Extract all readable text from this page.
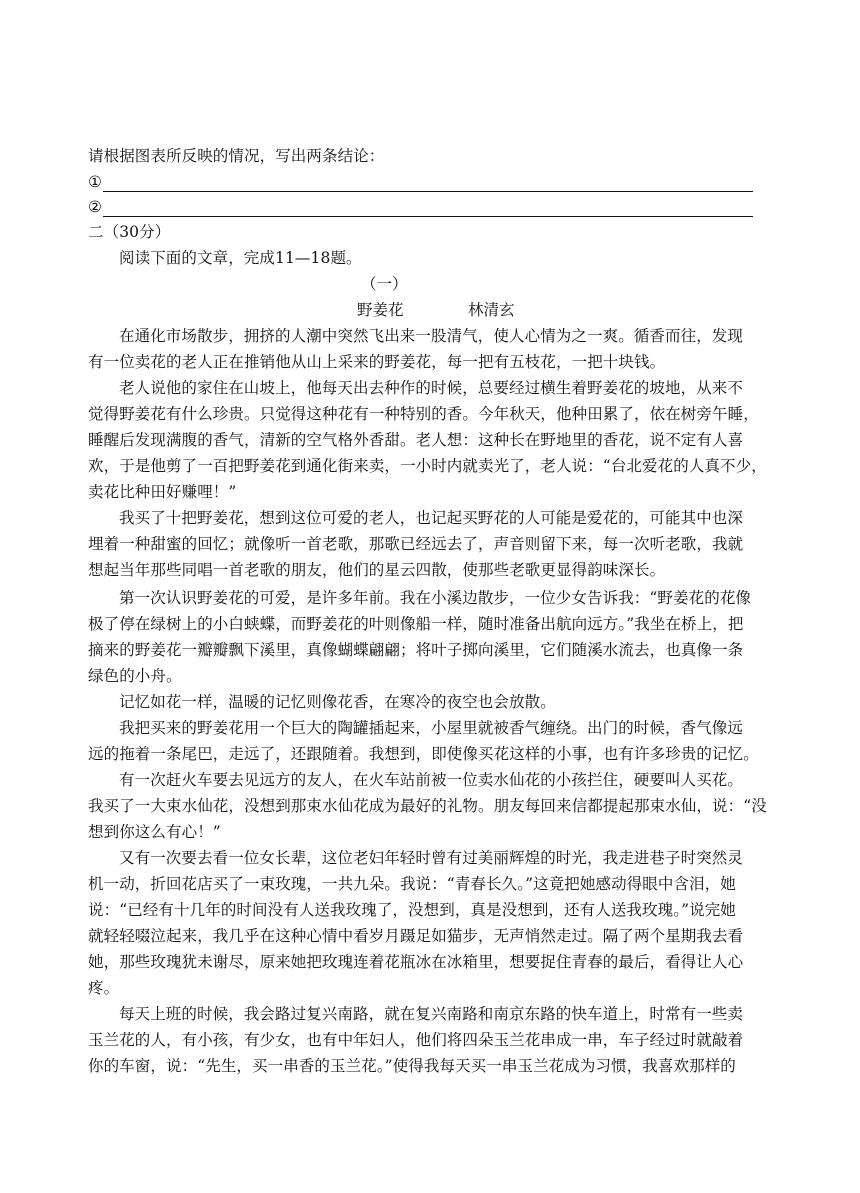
请根据图表所反映的情况，写出两条结论：
①
②
二（30分）
阅读下面的文章，完成11—18题。
（一）
野姜花	林清玄
在通化市场散步，拥挤的人潮中突然飞出来一股清气，使人心情为之一爽。循香而往，发现
有一位卖花的老人正在推销他从山上采来的野姜花，每一把有五枝花，一把十块钱。
老人说他的家住在山坡上，他每天出去种作的时候，总要经过横生着野姜花的坡地，从来不
觉得野姜花有什么珍贵。只觉得这种花有一种特别的香。今年秋天，他种田累了，依在树旁午睡，
睡醒后发现满腹的香气，清新的空气格外香甜。老人想：这种长在野地里的香花，说不定有人喜
欢，于是他剪了一百把野姜花到通化街来卖，一小时内就卖光了，老人说：“台北爱花的人真不少，
卖花比种田好赚哩！”
我买了十把野姜花，想到这位可爱的老人，也记起买野花的人可能是爱花的，可能其中也深
埋着一种甜蜜的回忆；就像听一首老歌，那歌已经远去了，声音则留下来，每一次听老歌，我就
想起当年那些同唱一首老歌的朋友，他们的星云四散，使那些老歌更显得韵味深长。
第一次认识野姜花的可爱，是许多年前。我在小溪边散步，一位少女告诉我：“野姜花的花像
极了停在绿树上的小白蛱蝶，而野姜花的叶则像船一样，随时准备出航向远方。”我坐在桥上，把
摘来的野姜花一瓣瓣飘下溪里，真像蝴蝶翩翩；将叶子掷向溪里，它们随溪水流去，也真像一条
绿色的小舟。
记忆如花一样，温暖的记忆则像花香，在寒冷的夜空也会放散。
我把买来的野姜花用一个巨大的陶罐插起来，小屋里就被香气缠绕。出门的时候，香气像远
远的拖着一条尾巴，走远了，还跟随着。我想到，即使像买花这样的小事，也有许多珍贵的记忆。
有一次赶火车要去见远方的友人，在火车站前被一位卖水仙花的小孩拦住，硬要叫人买花。
我买了一大束水仙花，没想到那束水仙花成为最好的礼物。朋友每回来信都提起那束水仙，说：“没
想到你这么有心！”
又有一次要去看一位女长辈，这位老妇年轻时曾有过美丽辉煌的时光，我走进巷子时突然灵
机一动，折回花店买了一束玫瑰，一共九朵。我说：“青春长久。”这竟把她感动得眼中含泪，她
说：“已经有十几年的时间没有人送我玫瑰了，没想到，真是没想到，还有人送我玫瑰。”说完她
就轻轻啜泣起来，我几乎在这种心情中看岁月蹑足如猫步，无声悄然走过。隔了两个星期我去看
她，那些玫瑰犹未谢尽，原来她把玫瑰连着花瓶冰在冰箱里，想要捉住青春的最后，看得让人心
疼。
每天上班的时候，我会路过复兴南路，就在复兴南路和南京东路的快车道上，时常有一些卖
玉兰花的人，有小孩，有少女，也有中年妇人，他们将四朵玉兰花串成一串，车子经过时就敲着
你的车窗，说：“先生，买一串香的玉兰花。”使得我每天买一串玉兰花成为习惯，我喜欢那样的
